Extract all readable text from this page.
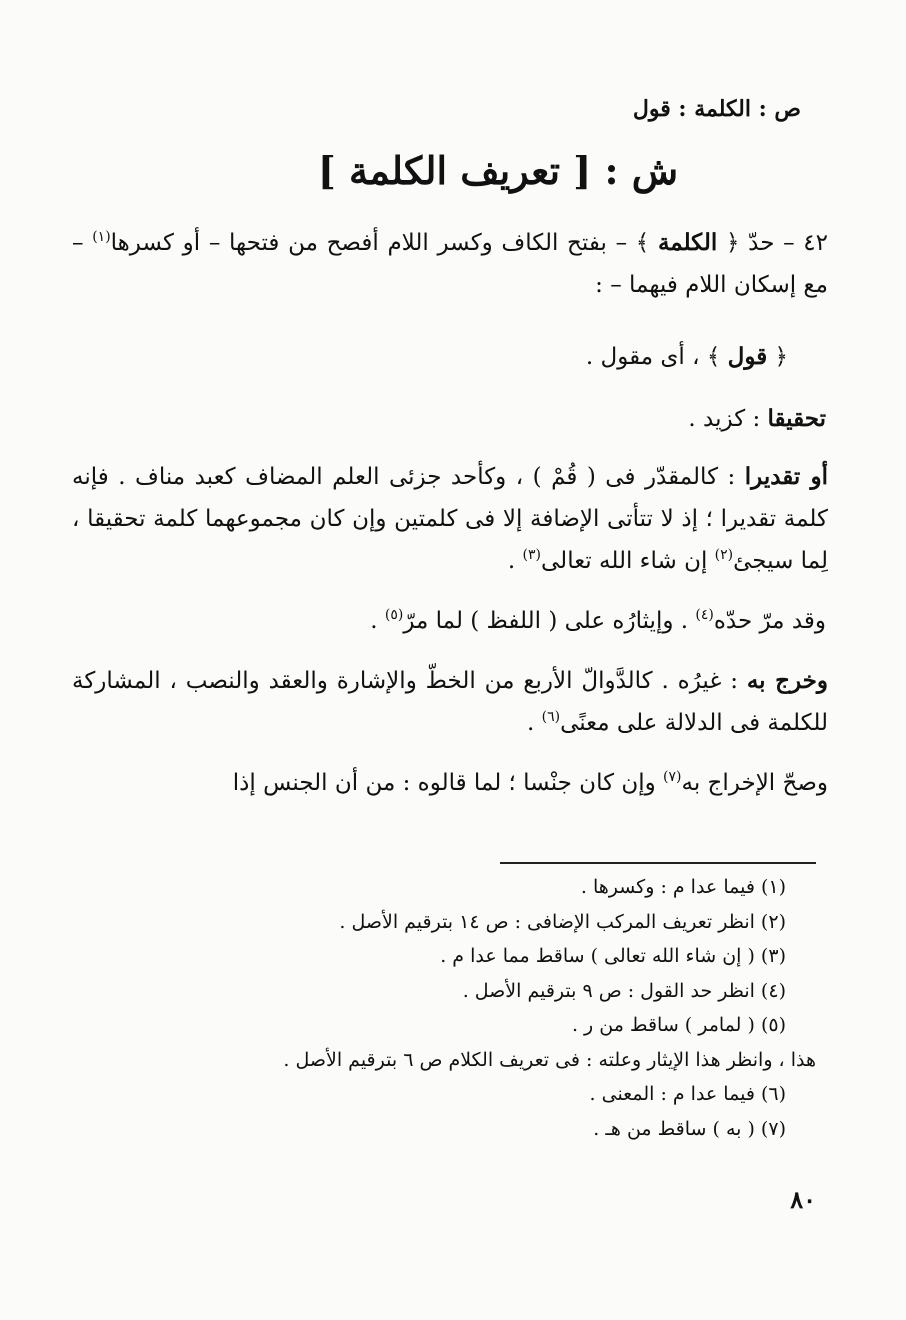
ص : الكلمة : قول
ش : [ تعريف الكلمة ]
٤٢ – حدّ ﴿ الكلمة ﴾ – بفتح الكاف وكسر اللام أفصح من فتحها – أو كسرها$^{(١)}$ – مع إسكان اللام فيهما – :
﴿ قول ﴾ ، أى مقول .
تحقيقا : كزيد .
أو تقديرا : كالمقدّر فى ( قُمْ ) ، وكأحد جزئى العلم المضاف كعبد مناف . فإنه كلمة تقديرا ؛ إذ لا تتأتى الإضافة إلا فى كلمتين وإن كان مجموعهما كلمة تحقيقا ، لِما سيجئ$^{(٢)}$ إن شاء الله تعالى$^{(٣)}$ .
وقد مرّ حدّه$^{(٤)}$ . وإيثارُه على ( اللفظ ) لما مرّ$^{(٥)}$ .
وخرج به : غيرُه . كالدَّوالّ الأربع من الخطّ والإشارة والعقد والنصب ، المشاركة للكلمة فى الدلالة على معنًى$^{(٦)}$ .
وصحّ الإخراج به$^{(٧)}$ وإن كان جنْسا ؛ لما قالوه : من أن الجنس إذا
(١) فيما عدا م : وكسرها .
(٢) انظر تعريف المركب الإضافى : ص ١٤ بترقيم الأصل .
(٣) ( إن شاء الله تعالى ) ساقط مما عدا م .
(٤) انظر حد القول : ص ٩ بترقيم الأصل .
(٥) ( لمامر ) ساقط من ر .
هذا ، وانظر هذا الإيثار وعلته : فى تعريف الكلام ص ٦ بترقيم الأصل .
(٦) فيما عدا م : المعنى .
(٧) ( به ) ساقط من هـ .
٨٠
